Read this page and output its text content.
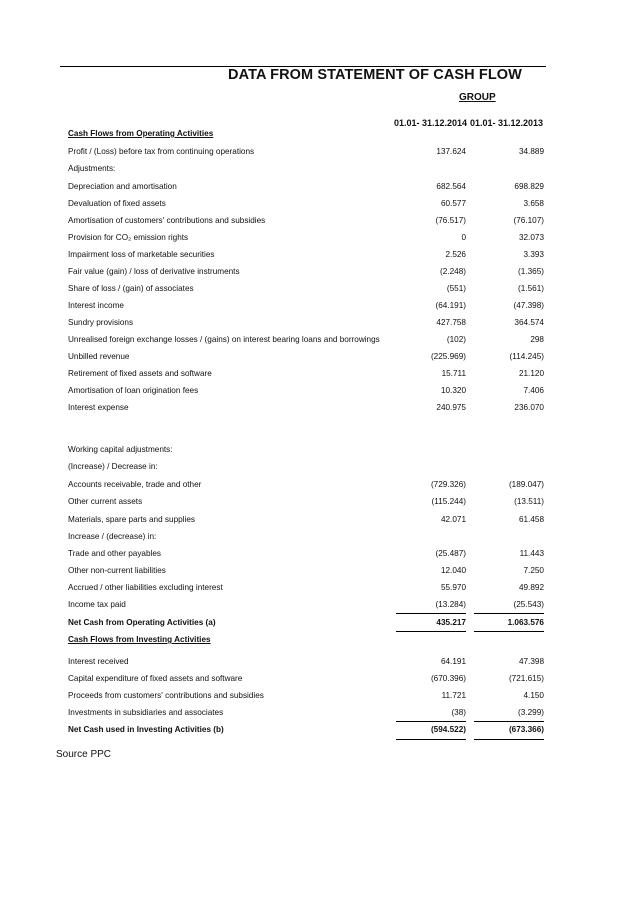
DATA FROM STATEMENT OF CASH FLOW
GROUP
01.01- 31.12.2014 01.01- 31.12.2013
Cash Flows from Operating Activities
Profit / (Loss) before tax from continuing operations	137.624	34.889
Adjustments:
Depreciation and amortisation	682.564	698.829
Devaluation of fixed assets	60.577	3.658
Amortisation of customers' contributions and subsidies	(76.517)	(76.107)
Provision for CO₂ emission rights	0	32.073
Impairment loss of marketable securities	2.526	3.393
Fair value (gain) / loss of derivative instruments	(2.248)	(1.365)
Share of loss / (gain) of associates	(551)	(1.561)
Interest income	(64.191)	(47.398)
Sundry provisions	427.758	364.574
Unrealised foreign exchange losses / (gains) on interest bearing loans and borrowings	(102)	298
Unbilled revenue	(225.969)	(114.245)
Retirement of fixed assets and software	15.711	21.120
Amortisation of loan origination fees	10.320	7.406
Interest expense	240.975	236.070
Working capital adjustments:
(Increase) / Decrease in:
Accounts receivable, trade and other	(729.326)	(189.047)
Other current assets	(115.244)	(13.511)
Materials, spare parts and supplies	42.071	61.458
Increase / (decrease) in:
Trade and other payables	(25.487)	11.443
Other non-current liabilities	12.040	7.250
Accrued / other liabilities excluding interest	55.970	49.892
Income tax paid	(13.284)	(25.543)
Net Cash from Operating Activities (a)	435.217	1.063.576
Cash Flows from Investing Activities
Interest received	64.191	47.398
Capital expenditure of fixed assets and software	(670.396)	(721.615)
Proceeds from customers' contributions and subsidies	11.721	4.150
Investments in subsidiaries and associates	(38)	(3.299)
Net Cash used in Investing Activities (b)	(594.522)	(673.366)
Source PPC
